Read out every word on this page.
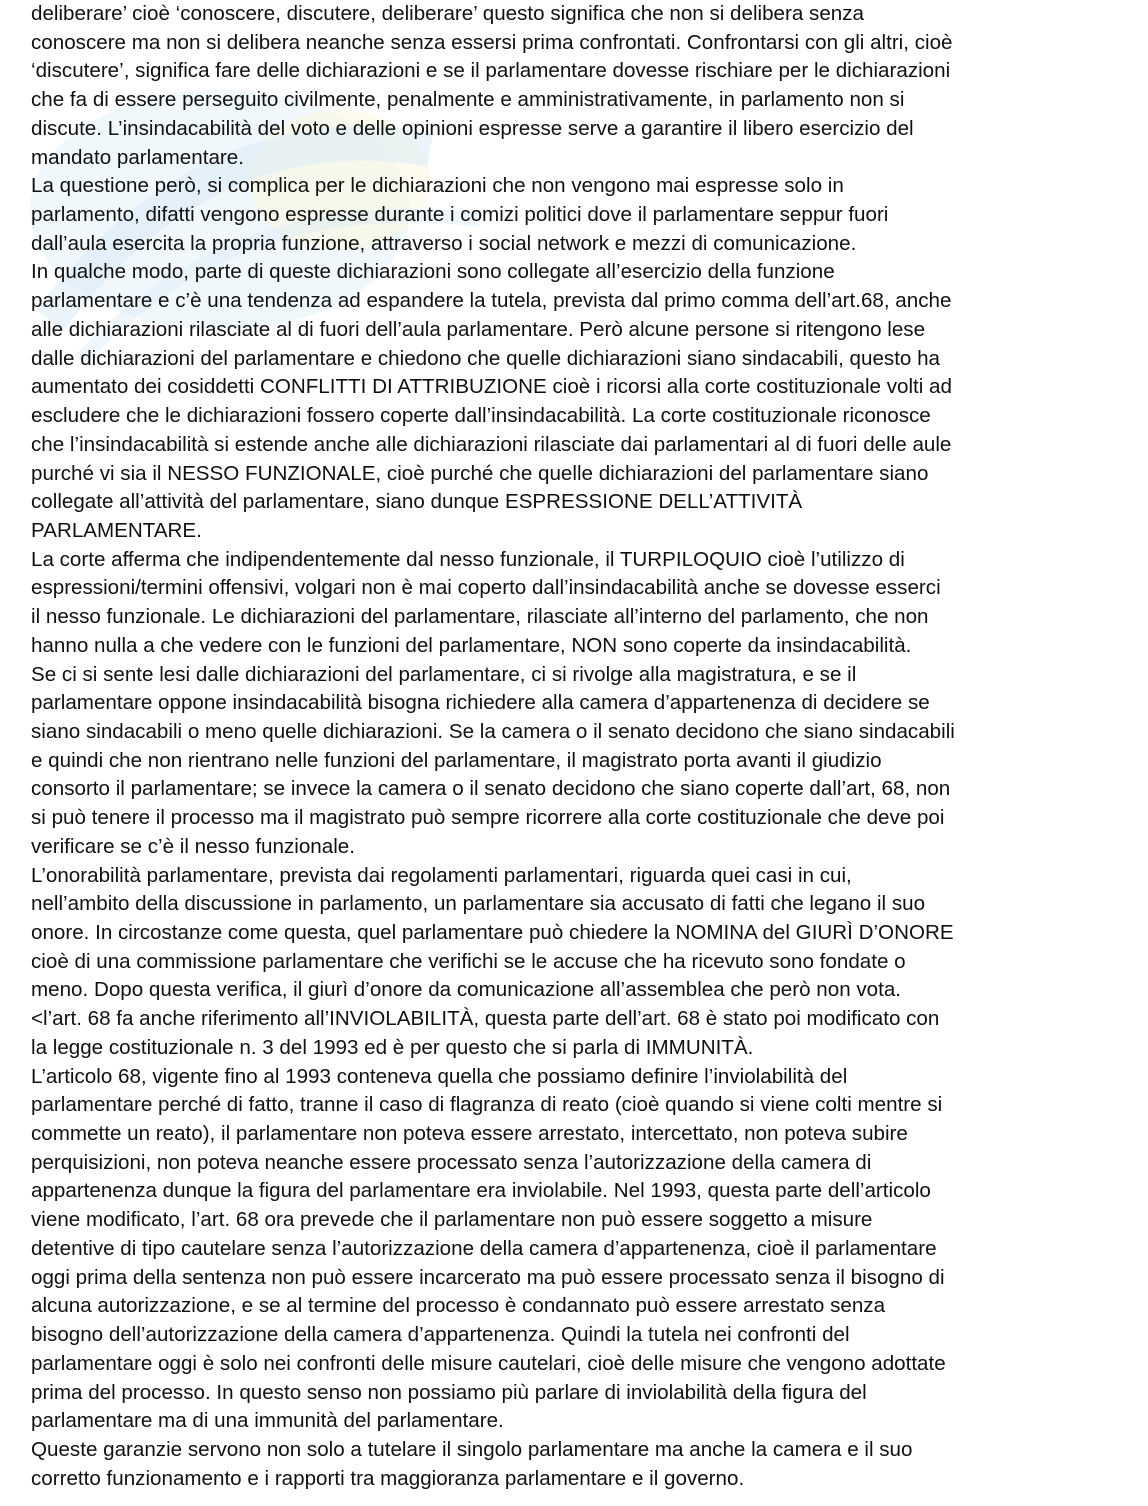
deliberare’ cioè ‘conoscere, discutere, deliberare’ questo significa che non si delibera senza
conoscere ma non si delibera neanche senza essersi prima confrontati. Confrontarsi con gli altri, cioè
‘discutere’, significa fare delle dichiarazioni e se il parlamentare dovesse rischiare per le dichiarazioni
che fa di essere perseguito civilmente, penalmente e amministrativamente, in parlamento non si
discute. L’insindacabilità del voto e delle opinioni espresse serve a garantire il libero esercizio del
mandato parlamentare.
La questione però, si complica per le dichiarazioni che non vengono mai espresse solo in
parlamento, difatti vengono espresse durante i comizi politici dove il parlamentare seppur fuori
dall’aula esercita la propria funzione, attraverso i social network e mezzi di comunicazione.
In qualche modo, parte di queste dichiarazioni sono collegate all’esercizio della funzione
parlamentare e c’è una tendenza ad espandere la tutela, prevista dal primo comma dell’art.68, anche
alle dichiarazioni rilasciate al di fuori dell’aula parlamentare. Però alcune persone si ritengono lese
dalle dichiarazioni del parlamentare e chiedono che quelle dichiarazioni siano sindacabili, questo ha
aumentato dei cosiddetti CONFLITTI DI ATTRIBUZIONE cioè i ricorsi alla corte costituzionale volti ad
escludere che le dichiarazioni fossero coperte dall’insindacabilità. La corte costituzionale riconosce
che l’insindacabilità si estende anche alle dichiarazioni rilasciate dai parlamentari al di fuori delle aule
purché vi sia il NESSO FUNZIONALE, cioè purché che quelle dichiarazioni del parlamentare siano
collegate all’attività del parlamentare, siano dunque ESPRESSIONE DELL’ATTIVITÀ
PARLAMENTARE.
La corte afferma che indipendentemente dal nesso funzionale, il TURPILOQUIO cioè l’utilizzo di
espressioni/termini offensivi, volgari non è mai coperto dall’insindacabilità anche se dovesse esserci
il nesso funzionale. Le dichiarazioni del parlamentare, rilasciate all’interno del parlamento, che non
hanno nulla a che vedere con le funzioni del parlamentare, NON sono coperte da insindacabilità.
Se ci si sente lesi dalle dichiarazioni del parlamentare, ci si rivolge alla magistratura, e se il
parlamentare oppone insindacabilità bisogna richiedere alla camera d’appartenenza di decidere se
siano sindacabili o meno quelle dichiarazioni. Se la camera o il senato decidono che siano sindacabili
e quindi che non rientrano nelle funzioni del parlamentare, il magistrato porta avanti il giudizio
consorto il parlamentare; se invece la camera o il senato decidono che siano coperte dall’art, 68, non
si può tenere il processo ma il magistrato può sempre ricorrere alla corte costituzionale che deve poi
verificare se c’è il nesso funzionale.
L’onorabilità parlamentare, prevista dai regolamenti parlamentari, riguarda quei casi in cui,
nell’ambito della discussione in parlamento, un parlamentare sia accusato di fatti che legano il suo
onore. In circostanze come questa, quel parlamentare può chiedere la NOMINA del GIURÌ D’ONORE
cioè di una commissione parlamentare che verifichi se le accuse che ha ricevuto sono fondate o
meno. Dopo questa verifica, il giurì d’onore da comunicazione all’assemblea che però non vota.
<l’art. 68 fa anche riferimento all’INVIOLABILITÀ, questa parte dell’art. 68 è stato poi modificato con
la legge costituzionale n. 3 del 1993 ed è per questo che si parla di IMMUNITÀ.
L’articolo 68, vigente fino al 1993 conteneva quella che possiamo definire l’inviolabilità del
parlamentare perché di fatto, tranne il caso di flagranza di reato (cioè quando si viene colti mentre si
commette un reato), il parlamentare non poteva essere arrestato, intercettato, non poteva subire
perquisizioni, non poteva neanche essere processato senza l’autorizzazione della camera di
appartenenza dunque la figura del parlamentare era inviolabile. Nel 1993, questa parte dell’articolo
viene modificato, l’art. 68 ora prevede che il parlamentare non può essere soggetto a misure
detentive di tipo cautelare senza l’autorizzazione della camera d’appartenenza, cioè il parlamentare
oggi prima della sentenza non può essere incarcerato ma può essere processato senza il bisogno di
alcuna autorizzazione, e se al termine del processo è condannato può essere arrestato senza
bisogno dell’autorizzazione della camera d’appartenenza. Quindi la tutela nei confronti del
parlamentare oggi è solo nei confronti delle misure cautelari, cioè delle misure che vengono adottate
prima del processo. In questo senso non possiamo più parlare di inviolabilità della figura del
parlamentare ma di una immunità del parlamentare.
Queste garanzie servono non solo a tutelare il singolo parlamentare ma anche la camera e il suo
corretto funzionamento e i rapporti tra maggioranza parlamentare e il governo.
